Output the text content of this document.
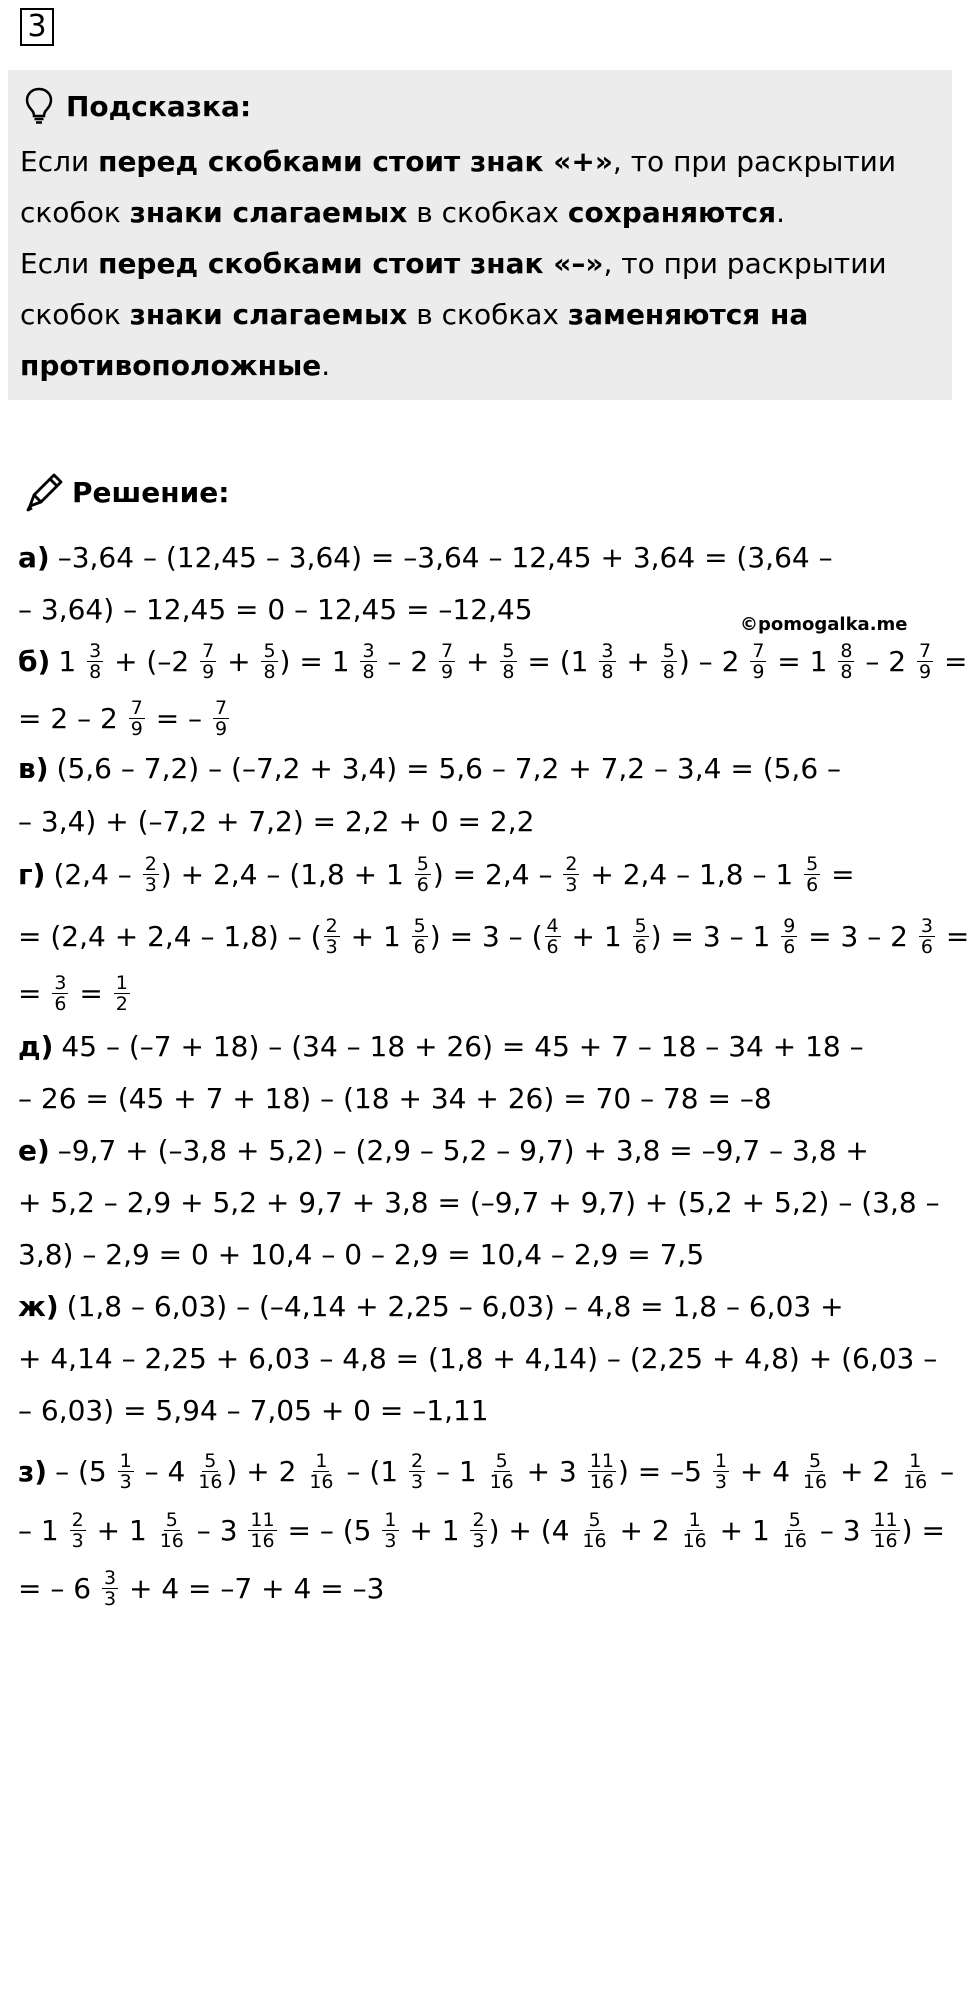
3
Подсказка:
Если перед скобками стоит знак «+», то при раскрытии
скобок знаки слагаемых в скобках сохраняются.
Если перед скобками стоит знак «–», то при раскрытии
скобок знаки слагаемых в скобках заменяются на
противоположные.
Решение:
©pomogalka.me
а) –3,64 – (12,45 – 3,64) = –3,64 – 12,45 + 3,64 = (3,64 –
– 3,64) – 12,45 = 0 – 12,45 = –12,45
б) $1 \frac{3}{8} + (-2 \frac{7}{9} + \frac{5}{8}$ ) = $1 \frac{3}{8} - 2 \frac{7}{9} + \frac{5}{8} = (1 \frac{3}{8} + \frac{5}{8}$ ) – $2 \frac{7}{9} = 1 \frac{8}{8} - 2 \frac{7}{9}$ =
= $2 - 2 \frac{7}{9}$ = – $\frac{7}{9}$
в) (5,6 – 7,2) – (–7,2 + 3,4) = 5,6 – 7,2 + 7,2 – 3,4 = (5,6 –
– 3,4) + (–7,2 + 7,2) = 2,2 + 0 = 2,2
г) ($2,4 - \frac{2}{3}$ ) + $2,4 - (1,8 + 1 \frac{5}{6}$ ) = $2,4 - \frac{2}{3} + 2,4 - 1,8 - 1 \frac{5}{6}$ =
= (2,4 + 2,4 – 1,8) – ( $\frac{2}{3} + 1 \frac{5}{6}$ ) = 3 – ( $\frac{4}{6} + 1 \frac{5}{6}$ ) = $3 - 1 \frac{9}{6} = 3 - 2 \frac{3}{6}$ =
= $\frac{3}{6} = \frac{1}{2}$
д) 45 – (–7 + 18) – (34 – 18 + 26) = 45 + 7 – 18 – 34 + 18 –
– 26 = (45 + 7 + 18) – (18 + 34 + 26) = 70 – 78 = –8
е) –9,7 + (–3,8 + 5,2) – (2,9 – 5,2 – 9,7) + 3,8 = –9,7 – 3,8 +
+ 5,2 – 2,9 + 5,2 + 9,7 + 3,8 = (–9,7 + 9,7) + (5,2 + 5,2) – (3,8 –
3,8) – 2,9 = 0 + 10,4 – 0 – 2,9 = 10,4 – 2,9 = 7,5
ж) (1,8 – 6,03) – (–4,14 + 2,25 – 6,03) – 4,8 = 1,8 – 6,03 +
+ 4,14 – 2,25 + 6,03 – 4,8 = (1,8 + 4,14) – (2,25 + 4,8) + (6,03 –
– 6,03) = 5,94 – 7,05 + 0 = –1,11
$з) - (5 \frac{1}{3} - 4 \frac{5}{16}$ ) + $2 \frac{1}{16} - (1 \frac{2}{3} - 1 \frac{5}{16} + 3 \frac{11}{16}$ ) = $-5 \frac{1}{3} + 4 \frac{5}{16} + 2 \frac{1}{16}$ –
– $1 \frac{2}{3} + 1 \frac{5}{16} - 3 \frac{11}{16}$ = – ($5 \frac{1}{3} + 1 \frac{2}{3}$ ) + ($4 \frac{5}{16} + 2 \frac{1}{16} + 1 \frac{5}{16} - 3 \frac{11}{16}$ ) =
= – $6 \frac{3}{3} + 4 = -7 + 4 = -3$
